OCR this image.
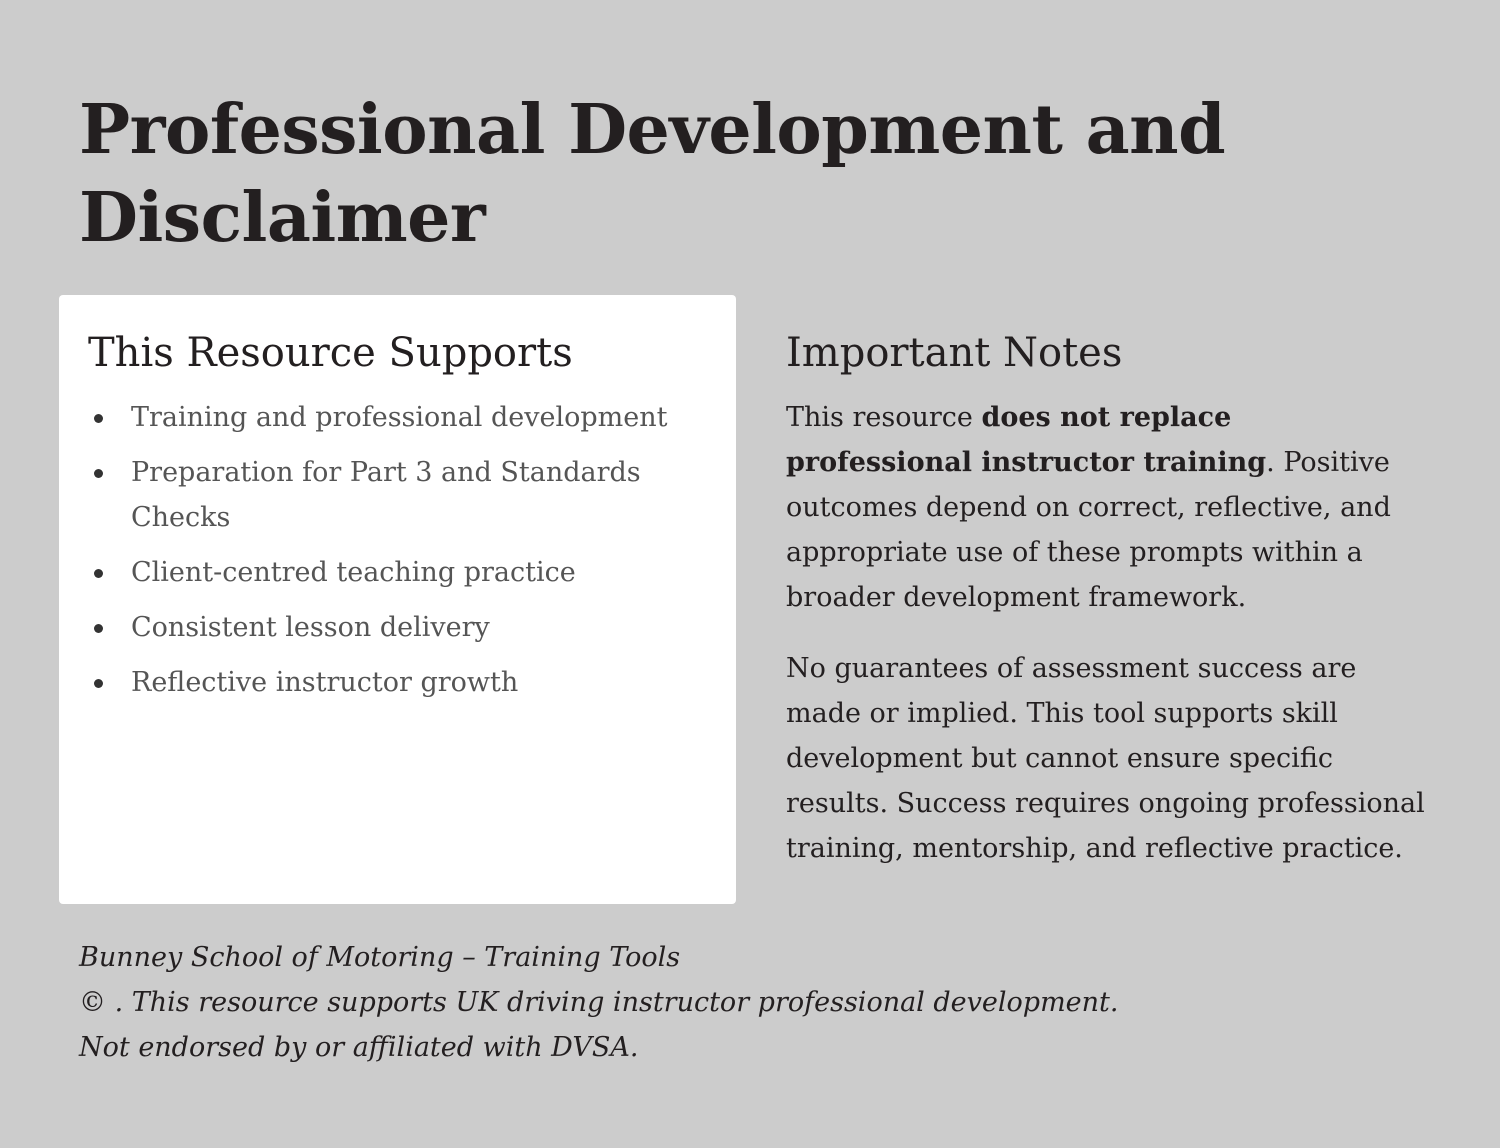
Professional Development and Disclaimer
This Resource Supports
Training and professional development
Preparation for Part 3 and Standards Checks
Client-centred teaching practice
Consistent lesson delivery
Reflective instructor growth
Important Notes

This resource does not replace professional instructor training. Positive outcomes depend on correct, reflective, and appropriate use of these prompts within a broader development framework.

No guarantees of assessment success are made or implied. This tool supports skill development but cannot ensure specific results. Success requires ongoing professional training, mentorship, and reflective practice.

Bunney School of Motoring – Training Tools
© . This resource supports UK driving instructor professional development.
Not endorsed by or affiliated with DVSA.
